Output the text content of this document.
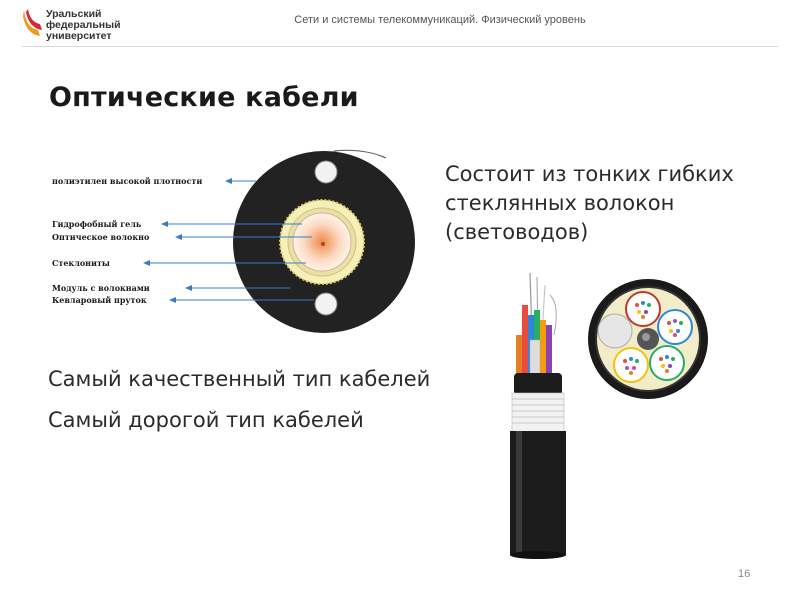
Уральский
федеральный
университет
Сети и системы телекоммуникаций. Физический уровень
Оптические кабели
полиэтилен высокой плотности
Гидрофобный гель
Оптическое волокно
Стеклониты
Модуль с волокнами
Кевларовый пруток
Состоит из тонких гибких стеклянных волокон (световодов)

Самый качественный тип кабелей

Самый дорогой тип кабелей

16
